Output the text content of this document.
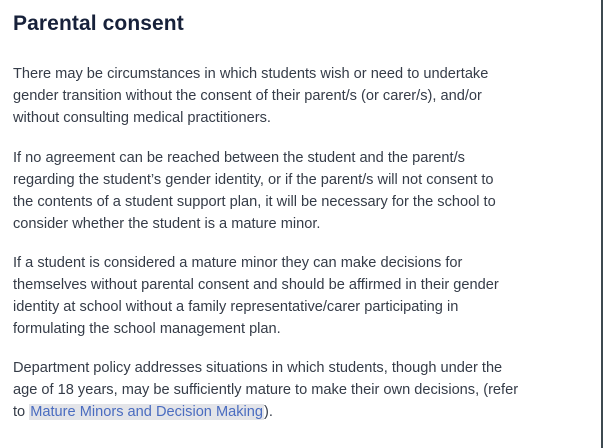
Parental consent

There may be circumstances in which students wish or need to undertake
gender transition without the consent of their parent/s (or carer/s), and/or
without consulting medical practitioners.

If no agreement can be reached between the student and the parent/s
regarding the student’s gender identity, or if the parent/s will not consent to
the contents of a student support plan, it will be necessary for the school to
consider whether the student is a mature minor.

If a student is considered a mature minor they can make decisions for
themselves without parental consent and should be affirmed in their gender
identity at school without a family representative/carer participating in
formulating the school management plan.

Department policy addresses situations in which students, though under the
age of 18 years, may be sufficiently mature to make their own decisions, (refer
to Mature Minors and Decision Making).
